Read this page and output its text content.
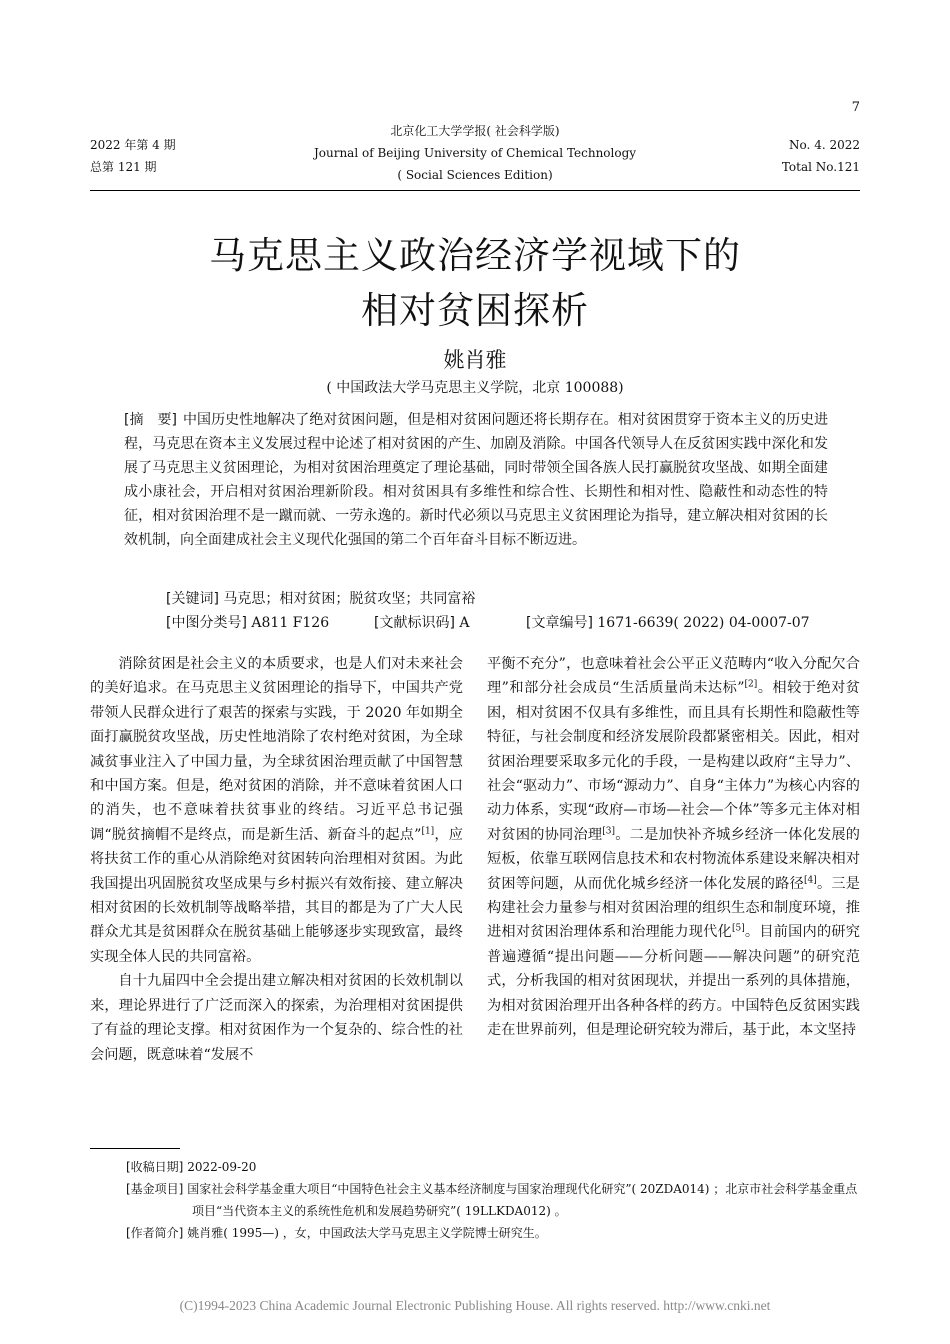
7
2022 年第 4 期
总第 121 期
北京化工大学学报( 社会科学版)
Journal of Beijing University of Chemical Technology
( Social Sciences Edition)
No. 4. 2022
Total No.121
马克思主义政治经济学视域下的
相对贫困探析
姚肖雅
( 中国政法大学马克思主义学院，北京 100088)
[摘　要] 中国历史性地解决了绝对贫困问题，但是相对贫困问题还将长期存在。相对贫困贯穿于资本主义的历史进程，马克思在资本主义发展过程中论述了相对贫困的产生、加剧及消除。中国各代领导人在反贫困实践中深化和发展了马克思主义贫困理论，为相对贫困治理奠定了理论基础，同时带领全国各族人民打赢脱贫攻坚战、如期全面建成小康社会，开启相对贫困治理新阶段。相对贫困具有多维性和综合性、长期性和相对性、隐蔽性和动态性的特征，相对贫困治理不是一蹴而就、一劳永逸的。新时代必须以马克思主义贫困理论为指导，建立解决相对贫困的长效机制，向全面建成社会主义现代化强国的第二个百年奋斗目标不断迈进。
[关键词] 马克思；相对贫困；脱贫攻坚；共同富裕
[中图分类号] A811 F126	[文献标识码] A	[文章编号] 1671-6639( 2022) 04-0007-07

消除贫困是社会主义的本质要求，也是人们对未来社会的美好追求。在马克思主义贫困理论的指导下，中国共产党带领人民群众进行了艰苦的探索与实践，于 2020 年如期全面打赢脱贫攻坚战，历史性地消除了农村绝对贫困，为全球减贫事业注入了中国力量，为全球贫困治理贡献了中国智慧和中国方案。但是，绝对贫困的消除，并不意味着贫困人口的消失，也不意味着扶贫事业的终结。习近平总书记强调“脱贫摘帽不是终点，而是新生活、新奋斗的起点”[1]，应将扶贫工作的重心从消除绝对贫困转向治理相对贫困。为此我国提出巩固脱贫攻坚成果与乡村振兴有效衔接、建立解决相对贫困的长效机制等战略举措，其目的都是为了广大人民群众尤其是贫困群众在脱贫基础上能够逐步实现致富，最终实现全体人民的共同富裕。

自十九届四中全会提出建立解决相对贫困的长效机制以来，理论界进行了广泛而深入的探索，为治理相对贫困提供了有益的理论支撑。相对贫困作为一个复杂的、综合性的社会问题，既意味着“发展不

平衡不充分”，也意味着社会公平正义范畴内“收入分配欠合理”和部分社会成员“生活质量尚未达标”[2]。相较于绝对贫困，相对贫困不仅具有多维性，而且具有长期性和隐蔽性等特征，与社会制度和经济发展阶段都紧密相关。因此，相对贫困治理要采取多元化的手段，一是构建以政府“主导力”、社会“驱动力”、市场“源动力”、自身“主体力”为核心内容的动力体系，实现“政府—市场—社会—个体”等多元主体对相对贫困的协同治理[3]。二是加快补齐城乡经济一体化发展的短板，依靠互联网信息技术和农村物流体系建设来解决相对贫困等问题，从而优化城乡经济一体化发展的路径[4]。三是构建社会力量参与相对贫困治理的组织生态和制度环境，推进相对贫困治理体系和治理能力现代化[5]。目前国内的研究普遍遵循“提出问题——分析问题——解决问题”的研究范式，分析我国的相对贫困现状，并提出一系列的具体措施，为相对贫困治理开出各种各样的药方。中国特色反贫困实践走在世界前列，但是理论研究较为滞后，基于此，本文坚持

[收稿日期] 2022-09-20
[基金项目] 国家社会科学基金重大项目“中国特色社会主义基本经济制度与国家治理现代化研究”( 20ZDA014) ；北京市社会科学基金重点项目“当代资本主义的系统性危机和发展趋势研究”( 19LLKDA012) 。
[作者简介] 姚肖雅( 1995—) ，女，中国政法大学马克思主义学院博士研究生。
(C)1994-2023 China Academic Journal Electronic Publishing House. All rights reserved. http://www.cnki.net
